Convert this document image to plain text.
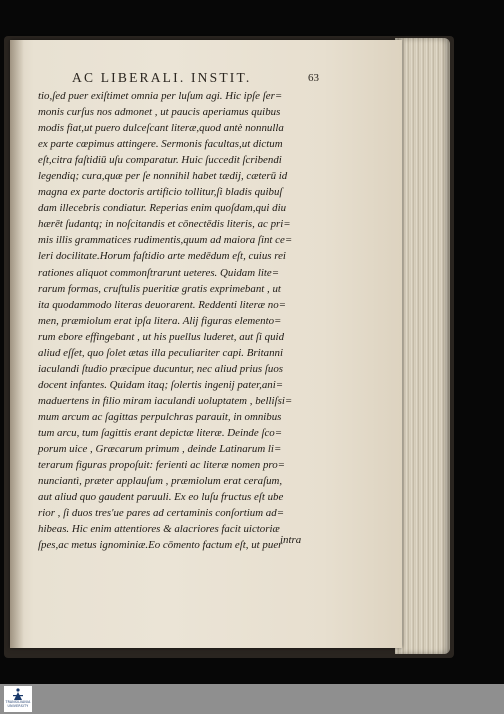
AC LIBERALI. INSTIT.	63
tio,ſed puer exiſtimet omnia per luſum agi. Hic ipſe ſer=
monis curſus nos admonet , ut paucis aperiamus quibus
modis fiat,ut puero dulceſcant literæ,quod antè nonnulla
ex parte cœpimus attingere. Sermonis facultas,ut dictum
eſt,citra faſtidiū uſu comparatur. Huic ſuccedit ſcribendi
legendiq; cura,quæ per ſe nonnihil habet tædij, cæterū id
magna ex parte doctoris artificio tollitur,ſi bladis quibuſ
dam illecebris condiatur. Reperias enim quoſdam,qui diu
hærēt ſudantq; in noſcitandis et cōnectēdis literis, ac pri=
mis illis grammatices rudimentis,quum ad maiora ſint ce=
leri docilitate.Horum faſtidio arte medēdum eſt, cuius rei
rationes aliquot commonſtrarunt ueteres. Quidam lite=
rarum formas, cruſtulis pueritiæ gratis exprimebant , ut
ita quodammodo literas deuorarent. Reddenti literæ no=
men, præmiolum erat ipſa litera. Alij figuras elemento=
rum ebore effingebant , ut his puellus luderet, aut ſi quid
aliud eſſet, quo ſolet ætas illa peculiariter capi. Britanni
iaculandi ſtudio præcipue ducuntur, nec aliud prius ſuos
docent infantes. Quidam itaq; ſolertis ingenij pater,ani=
maduertens in filio miram iaculandi uoluptatem , belliſsi=
mum arcum ac ſagittas perpulchras parauit, in omnibus
tum arcu, tum ſagittis erant depictæ literæ. Deinde ſco=
porum uice , Græcarum primum , deinde Latinarum li=
terarum figuras propoſuit: ferienti ac literæ nomen pro=
nunciantì, præter applauſum , præmiolum erat ceraſum,
aut aliud quo gaudent paruuli. Ex eo luſu fructus eſt ube
rior , ſi duos tres'ue pares ad certaminis conſortium ad=
hibeas. Hic enim attentiores & alacriores facit uictoriæ
ſpes,ac metus ignominiæ.Eo cōmento factum eſt, ut puer
intra
TRANSILVANIA
UNIVERSITY
